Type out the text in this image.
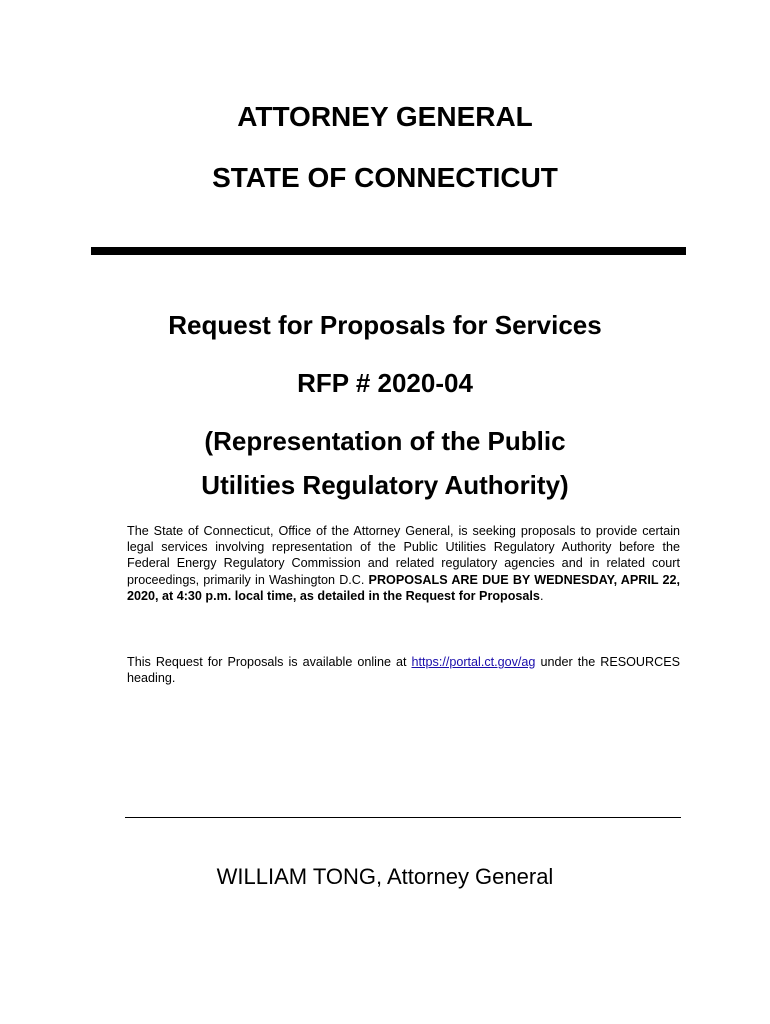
ATTORNEY GENERAL
STATE OF CONNECTICUT
Request for Proposals for Services
RFP # 2020-04
(Representation of the Public
Utilities Regulatory Authority)
The State of Connecticut, Office of the Attorney General, is seeking proposals to provide certain legal services involving representation of the Public Utilities Regulatory Authority before the Federal Energy Regulatory Commission and related regulatory agencies and in related court proceedings, primarily in Washington D.C. PROPOSALS ARE DUE BY WEDNESDAY, APRIL 22, 2020, at 4:30 p.m. local time, as detailed in the Request for Proposals.
This Request for Proposals is available online at https://portal.ct.gov/ag under the RESOURCES heading.
WILLIAM TONG, Attorney General
